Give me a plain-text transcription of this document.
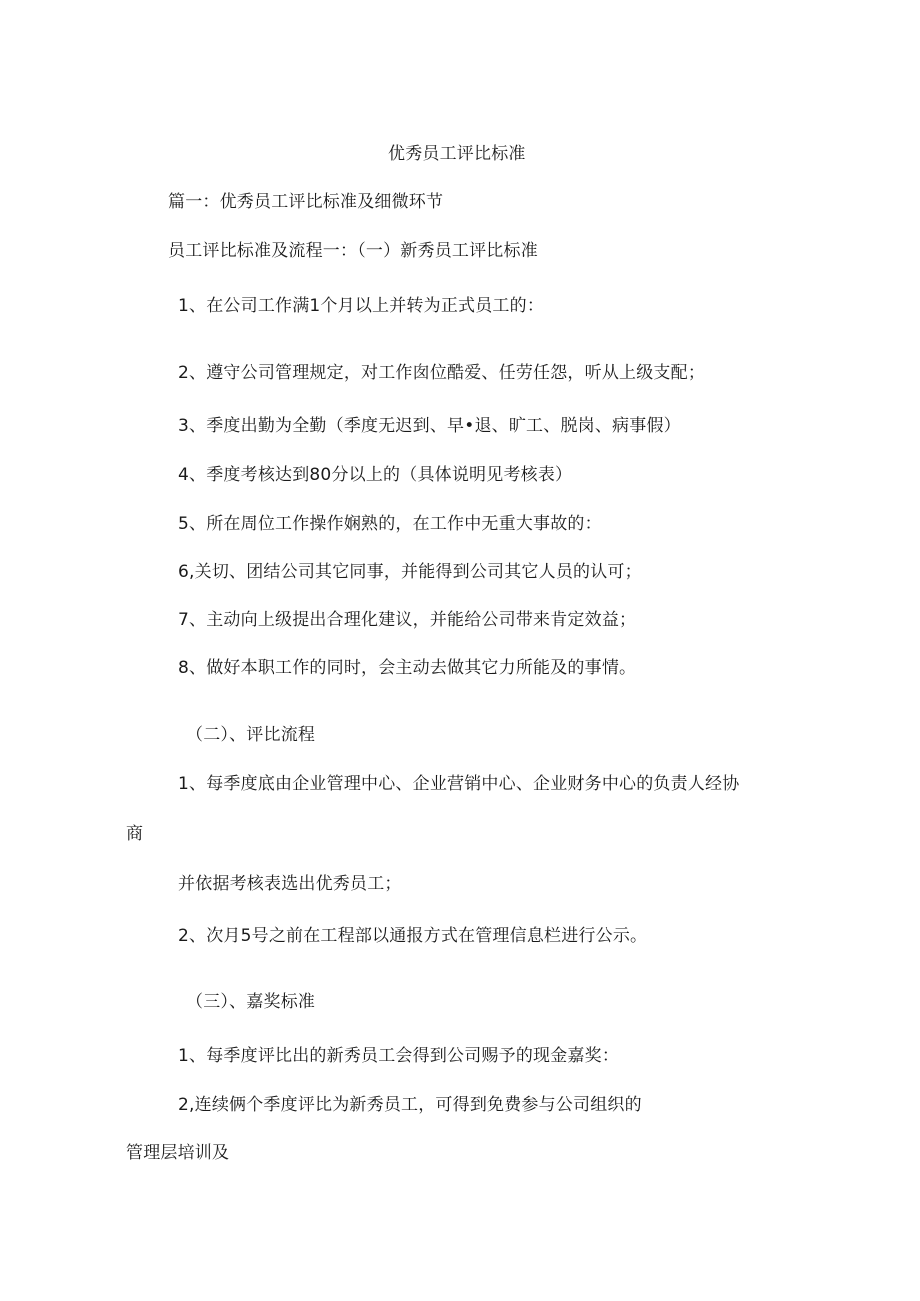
优秀员工评比标准
篇一：优秀员工评比标准及细微环节
员工评比标准及流程一：（一）新秀员工评比标准
1、在公司工作满1个月以上并转为正式员工的：
2、遵守公司管理规定，对工作囱位酷爱、任劳任怨，听从上级支配；
3、季度出勤为全勤（季度无迟到、早•退、旷工、脱岗、病事假）
4、季度考核达到80分以上的（具体说明见考核表）
5、所在周位工作操作娴熟的，在工作中无重大事故的：
6,关切、团结公司其它同事，并能得到公司其它人员的认可；
7、主动向上级提出合理化建议，并能给公司带来肯定效益；
8、做好本职工作的同时，会主动去做其它力所能及的事情。
（二）、评比流程
1、每季度底由企业管理中心、企业营销中心、企业财务中心的负责人经协
商
并依据考核表选出优秀员工；
2、次月5号之前在工程部以通报方式在管理信息栏进行公示。
（三）、嘉奖标准
1、每季度评比出的新秀员工会得到公司赐予的现金嘉奖：
2,连续俩个季度评比为新秀员工，可得到免费参与公司组织的
管理层培训及
